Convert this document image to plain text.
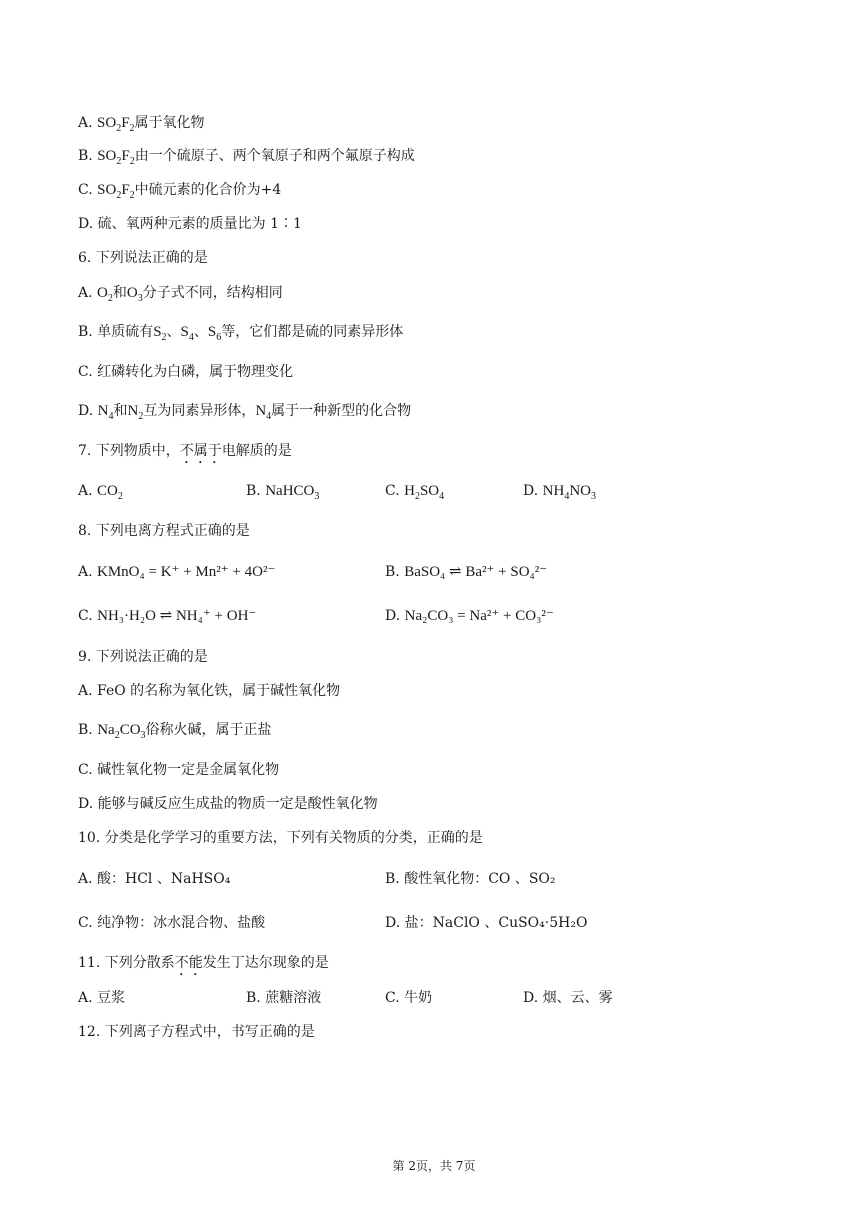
A. $SO_2F_2$属于氧化物
B. $SO_2F_2$由一个硫原子、两个氧原子和两个氟原子构成
C. $SO_2F_2$中硫元素的化合价为+4
D. 硫、氧两种元素的质量比为 1∶1
6. 下列说法正确的是
A. $O_2$和$O_3$分子式不同，结构相同
B. 单质硫有$S_2$、$S_4$、$S_6$等，它们都是硫的同素异形体
C. 红磷转化为白磷，属于物理变化
D. $N_4$和$N_2$互为同素异形体，$N_4$属于一种新型的化合物
7. 下列物质中，不属于电解质的是
A. $CO_2$	B. NaHCO$_3$	C. $H_2SO_4$	D. $NH_4NO_3$
8. 下列电离方程式正确的是
A. KMnO₄ = K⁺ + Mn²⁺ + 4O²⁻	B. BaSO₄ ⇌ Ba²⁺ + SO₄²⁻
C. NH₃·H₂O ⇌ NH₄⁺ + OH⁻	D. Na₂CO₃ = Na²⁺ + CO₃²⁻
9. 下列说法正确的是
A. FeO 的名称为氧化铁，属于碱性氧化物
B. $Na_2CO_3$俗称火碱，属于正盐
C. 碱性氧化物一定是金属氧化物
D. 能够与碱反应生成盐的物质一定是酸性氧化物
10. 分类是化学学习的重要方法，下列有关物质的分类，正确的是
A. 酸：HCl 、NaHSO₄	B. 酸性氧化物：CO 、SO₂
C. 纯净物：冰水混合物、盐酸	D. 盐：NaClO 、CuSO₄·5H₂O
11. 下列分散系不能发生丁达尔现象的是
A. 豆浆	B. 蔗糖溶液	C. 牛奶	D. 烟、云、雾
12. 下列离子方程式中，书写正确的是
第 2页，共 7页
